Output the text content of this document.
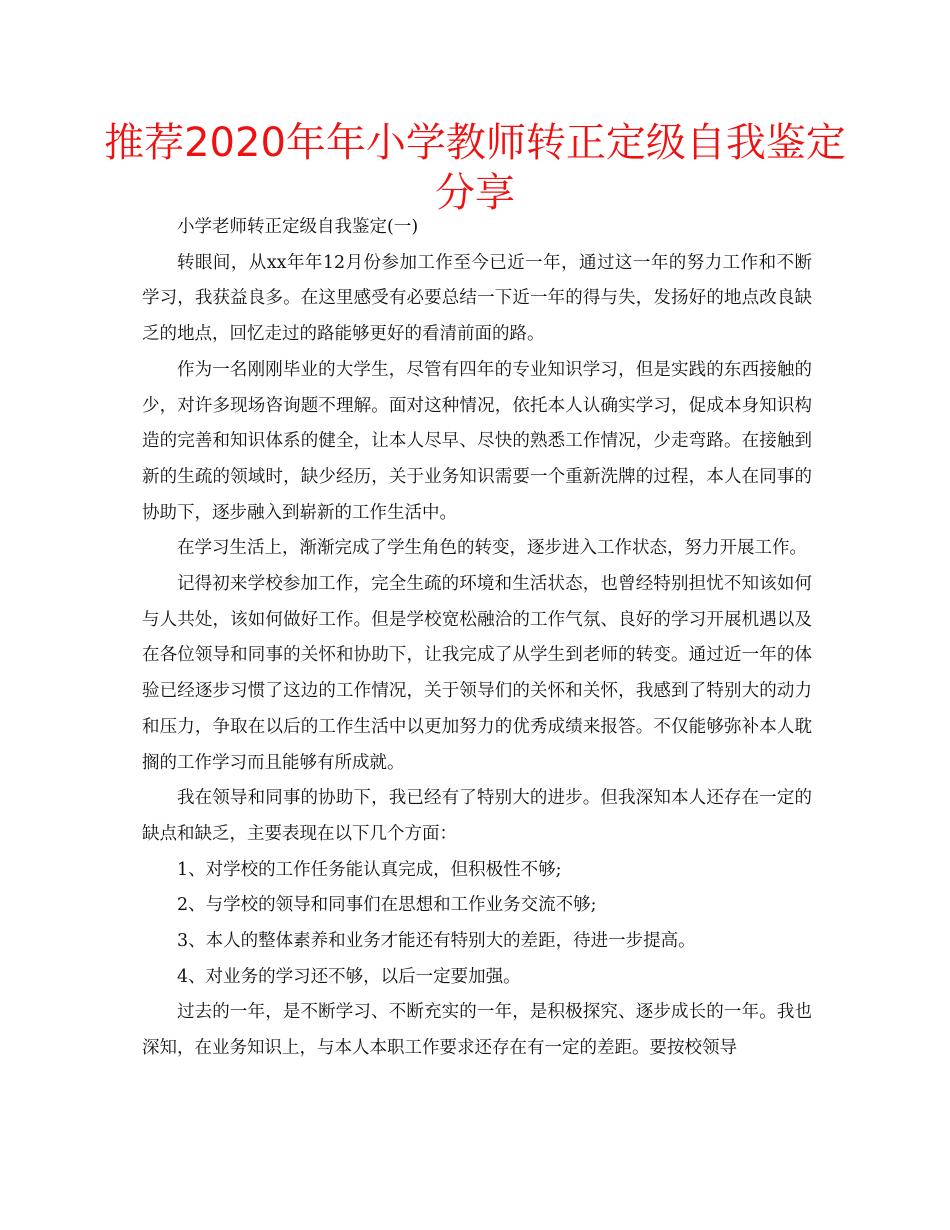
推荐2020年年小学教师转正定级自我鉴定分享

小学老师转正定级自我鉴定(一)

转眼间，从xx年年12月份参加工作至今已近一年，通过这一年的努力工作和不断学习，我获益良多。在这里感受有必要总结一下近一年的得与失，发扬好的地点改良缺乏的地点，回忆走过的路能够更好的看清前面的路。

作为一名刚刚毕业的大学生，尽管有四年的专业知识学习，但是实践的东西接触的少，对许多现场咨询题不理解。面对这种情况，依托本人认确实学习，促成本身知识构造的完善和知识体系的健全，让本人尽早、尽快的熟悉工作情况，少走弯路。在接触到新的生疏的领域时，缺少经历，关于业务知识需要一个重新洗牌的过程，本人在同事的协助下，逐步融入到崭新的工作生活中。

在学习生活上，渐渐完成了学生角色的转变，逐步进入工作状态，努力开展工作。

记得初来学校参加工作，完全生疏的环境和生活状态，也曾经特别担忧不知该如何与人共处，该如何做好工作。但是学校宽松融洽的工作气氛、良好的学习开展机遇以及在各位领导和同事的关怀和协助下，让我完成了从学生到老师的转变。通过近一年的体验已经逐步习惯了这边的工作情况，关于领导们的关怀和关怀，我感到了特别大的动力和压力，争取在以后的工作生活中以更加努力的优秀成绩来报答。不仅能够弥补本人耽搁的工作学习而且能够有所成就。

我在领导和同事的协助下，我已经有了特别大的进步。但我深知本人还存在一定的缺点和缺乏，主要表现在以下几个方面：

1、对学校的工作任务能认真完成，但积极性不够;

2、与学校的领导和同事们在思想和工作业务交流不够;

3、本人的整体素养和业务才能还有特别大的差距，待进一步提高。

4、对业务的学习还不够，以后一定要加强。

过去的一年，是不断学习、不断充实的一年，是积极探究、逐步成长的一年。我也深知，在业务知识上，与本人本职工作要求还存在有一定的差距。要按校领导
